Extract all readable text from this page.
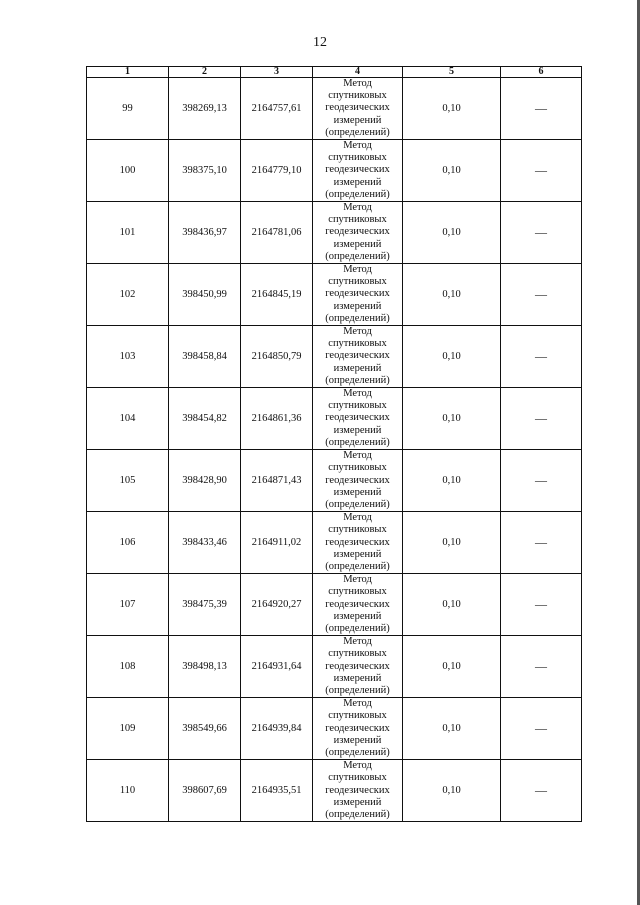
12
1	2	3	4	5	6
99	398269,13	2164757,61	Метод
спутниковых
геодезических
измерений
(определений)	0,10	—
100	398375,10	2164779,10	Метод
спутниковых
геодезических
измерений
(определений)	0,10	—
101	398436,97	2164781,06	Метод
спутниковых
геодезических
измерений
(определений)	0,10	—
102	398450,99	2164845,19	Метод
спутниковых
геодезических
измерений
(определений)	0,10	—
103	398458,84	2164850,79	Метод
спутниковых
геодезических
измерений
(определений)	0,10	—
104	398454,82	2164861,36	Метод
спутниковых
геодезических
измерений
(определений)	0,10	—
105	398428,90	2164871,43	Метод
спутниковых
геодезических
измерений
(определений)	0,10	—
106	398433,46	2164911,02	Метод
спутниковых
геодезических
измерений
(определений)	0,10	—
107	398475,39	2164920,27	Метод
спутниковых
геодезических
измерений
(определений)	0,10	—
108	398498,13	2164931,64	Метод
спутниковых
геодезических
измерений
(определений)	0,10	—
109	398549,66	2164939,84	Метод
спутниковых
геодезических
измерений
(определений)	0,10	—
110	398607,69	2164935,51	Метод
спутниковых
геодезических
измерений
(определений)	0,10	—
